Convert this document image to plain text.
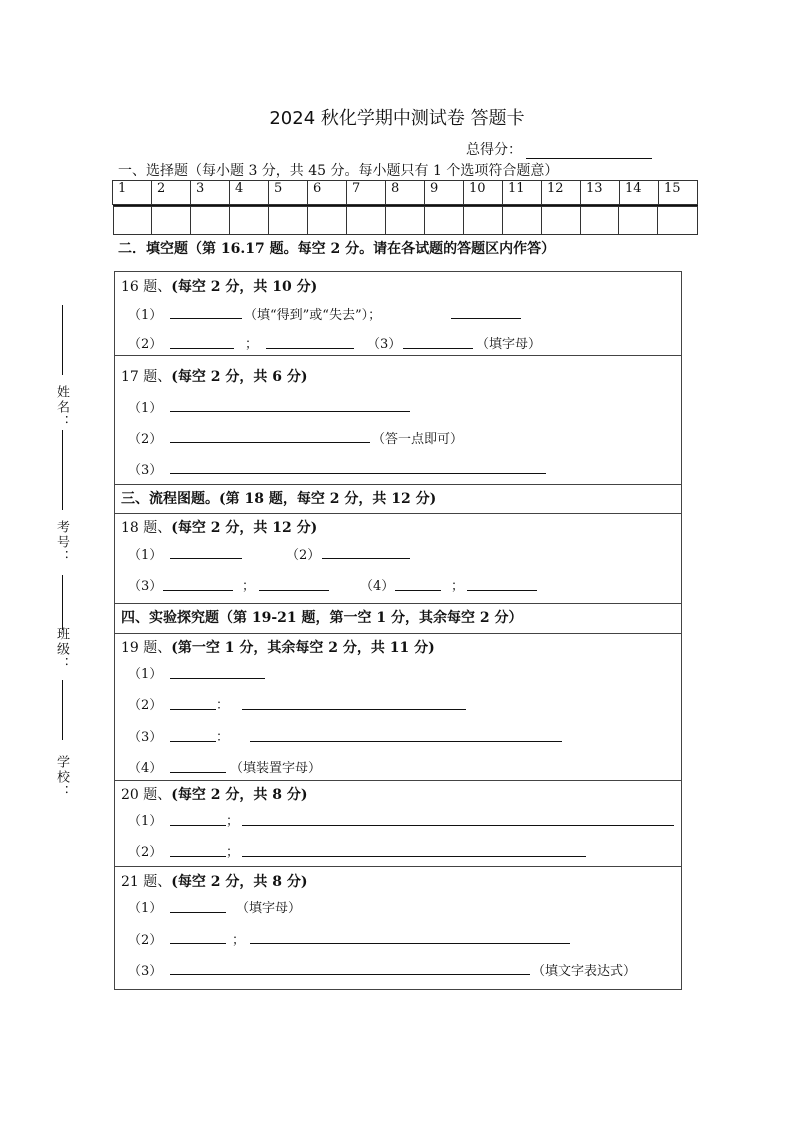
2024 秋化学期中测试卷 答题卡
总得分：
一、选择题（每小题 3 分，共 45 分。每小题只有 1 个选项符合题意）
1	2	3	4	5	6	7	8	9	10	11	12	13	14	15

二．填空题（第 16.17 题。每空 2 分。请在各试题的答题区内作答）
16 题、(每空 2 分，共 10 分)
（1）	（填“得到”或“失去”）；
（2）	；	（3）	（填字母）
17 题、(每空 2 分，共 6 分)
（1）
（2）	（答一点即可）
（3）
三、流程图题。(第 18 题，每空 2 分，共 12 分)
18 题、(每空 2 分，共 12 分)
（1）	（2）
（3）	；	（4）	；
四、实验探究题（第 19-21 题，第一空 1 分，其余每空 2 分）
19 题、(第一空 1 分，其余每空 2 分，共 11 分)
（1）
（2）	：
（3）	：
（4）	（填装置字母）
20 题、(每空 2 分，共 8 分)
（1）	；
（2）	；
21 题、(每空 2 分，共 8 分)
（1）	（填字母）
（2）	；
（3）	（填文字表达式）
姓名：
考号：
班级：
学校：
